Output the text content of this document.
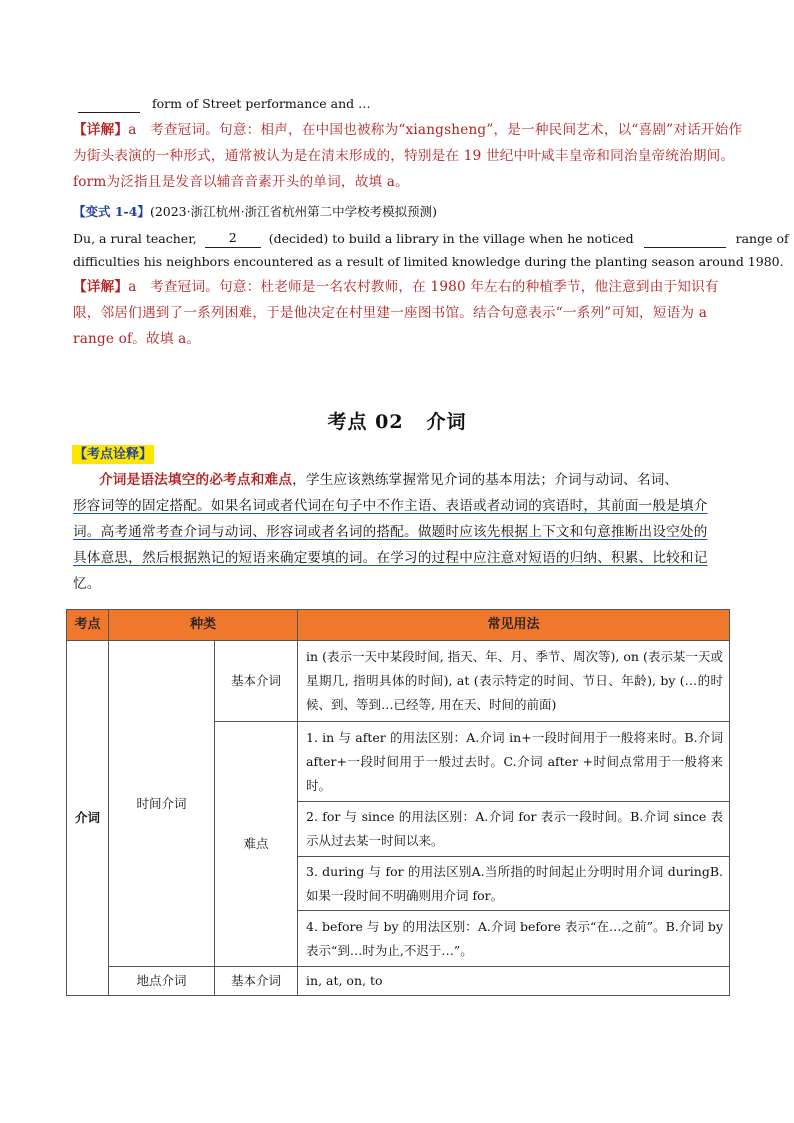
form of Street performance and …
【详解】a 考查冠词。句意：相声，在中国也被称为“xiangsheng”，是一种民间艺术，以“喜剧”对话开始作
为街头表演的一种形式，通常被认为是在清末形成的，特别是在 19 世纪中叶咸丰皇帝和同治皇帝统治期间。
form为泛指且是发音以辅音音素开头的单词，故填 a。
【变式 1-4】(2023·浙江杭州·浙江省杭州第二中学校考模拟预测)
Du, a rural teacher,	2	(decided) to build a library in the village when he noticed	range of
difficulties his neighbors encountered as a result of limited knowledge during the planting season around 1980.
【详解】a 考查冠词。句意：杜老师是一名农村教师，在 1980 年左右的种植季节，他注意到由于知识有
限，邻居们遇到了一系列困难，于是他决定在村里建一座图书馆。结合句意表示“一系列”可知，短语为 a
range of。故填 a。
考点 02   介词
【考点诠释】
介词是语法填空的必考点和难点，学生应该熟练掌握常见介词的基本用法；介词与动词、名词、
形容词等的固定搭配。如果名词或者代词在句子中不作主语、表语或者动词的宾语时，其前面一般是填介
词。高考通常考查介词与动词、形容词或者名词的搭配。做题时应该先根据上下文和句意推断出设空处的
具体意思，然后根据熟记的短语来确定要填的词。在学习的过程中应注意对短语的归纳、积累、比较和记
忆。
考点	种类		常见用法
介词	时间介词	基本介词	in (表示一天中某段时间, 指天、年、月、季节、周次等), on (表示某一天或星期几, 指明具体的时间), at (表示特定的时间、节日、年龄), by (…的时候、到、等到…已经等, 用在天、时间的前面)
		难点	1. in 与 after 的用法区别：A.介词 in+一段时间用于一般将来时。B.介词 after+一段时间用于一般过去时。C.介词 after +时间点常用于一般将来时。
			2. for 与 since 的用法区别：A.介词 for 表示一段时间。B.介词 since 表示从过去某一时间以来。
			3. during 与 for 的用法区别A.当所指的时间起止分明时用介词 duringB.如果一段时间不明确则用介词 for。
			4. before 与 by 的用法区别：A.介词 before 表示“在…之前”。B.介词 by表示“到…时为止,不迟于…”。
	地点介词	基本介词	in, at, on, to
